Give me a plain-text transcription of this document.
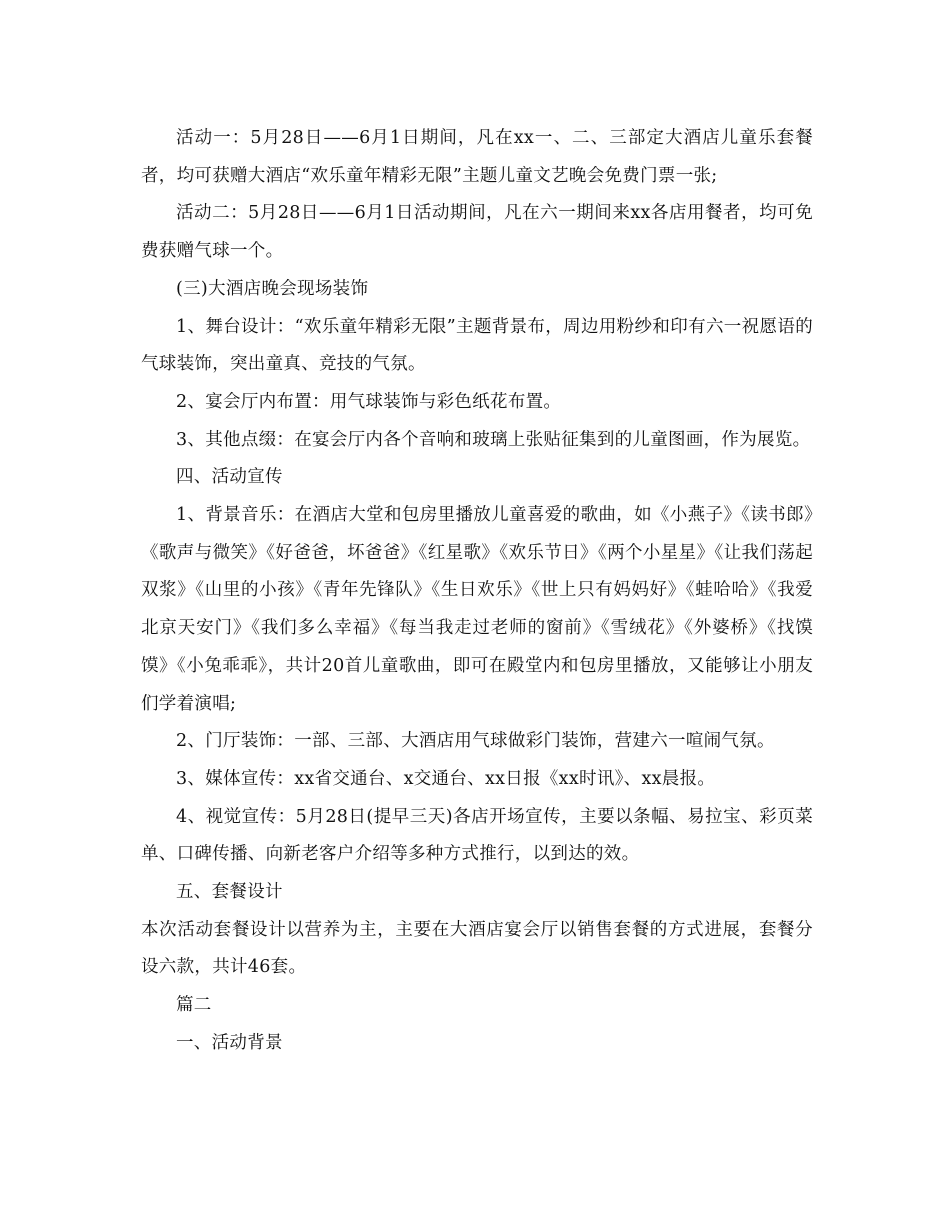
活动一：5月28日——6月1日期间，凡在xx一、二、三部定大酒店儿童乐套餐者，均可获赠大酒店“欢乐童年精彩无限”主题儿童文艺晚会免费门票一张;

活动二：5月28日——6月1日活动期间，凡在六一期间来xx各店用餐者，均可免费获赠气球一个。

(三)大酒店晚会现场装饰

1、舞台设计：“欢乐童年精彩无限”主题背景布，周边用粉纱和印有六一祝愿语的气球装饰，突出童真、竞技的气氛。

2、宴会厅内布置：用气球装饰与彩色纸花布置。

3、其他点缀：在宴会厅内各个音响和玻璃上张贴征集到的儿童图画，作为展览。

四、活动宣传

1、背景音乐：在酒店大堂和包房里播放儿童喜爱的歌曲，如《小燕子》《读书郎》《歌声与微笑》《好爸爸，坏爸爸》《红星歌》《欢乐节日》《两个小星星》《让我们荡起双浆》《山里的小孩》《青年先锋队》《生日欢乐》《世上只有妈妈好》《蛙哈哈》《我爱北京天安门》《我们多么幸福》《每当我走过老师的窗前》《雪绒花》《外婆桥》《找馍馍》《小兔乖乖》，共计20首儿童歌曲，即可在殿堂内和包房里播放，又能够让小朋友们学着演唱;

2、门厅装饰：一部、三部、大酒店用气球做彩门装饰，营建六一喧闹气氛。

3、媒体宣传：xx省交通台、x交通台、xx日报《xx时讯》、xx晨报。

4、视觉宣传：5月28日(提早三天)各店开场宣传，主要以条幅、易拉宝、彩页菜单、口碑传播、向新老客户介绍等多种方式推行，以到达的效。

五、套餐设计

本次活动套餐设计以营养为主，主要在大酒店宴会厅以销售套餐的方式进展，套餐分设六款，共计46套。

篇二

一、活动背景
